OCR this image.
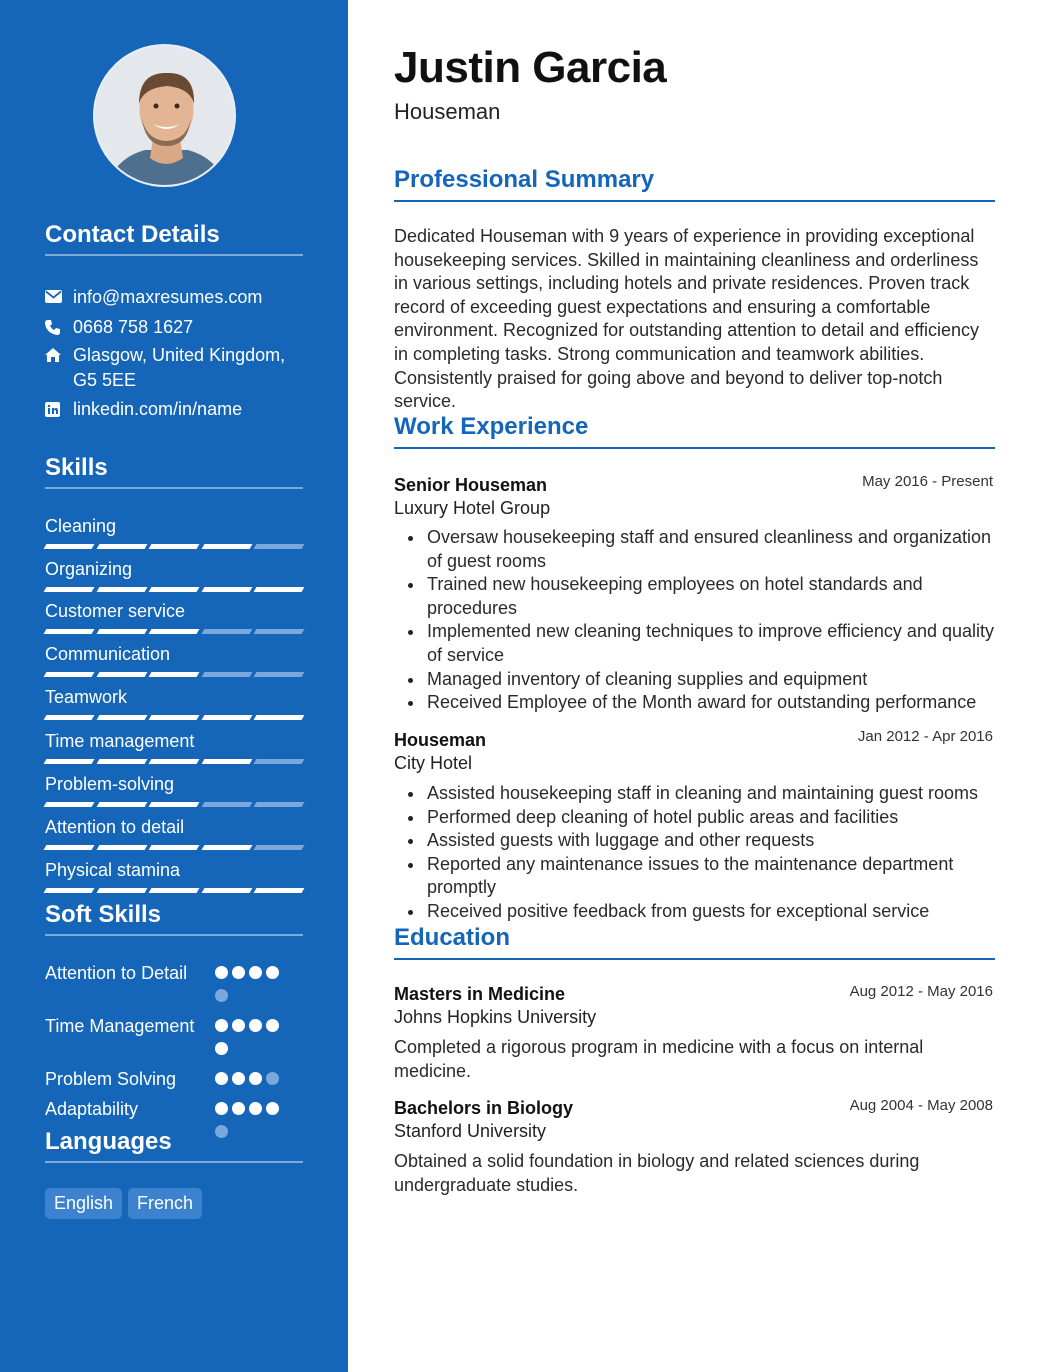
Contact Details
info@maxresumes.com
0668 758 1627
Glasgow, United Kingdom, G5 5EE
linkedin.com/in/name
Skills
Cleaning
Organizing
Customer service
Communication
Teamwork
Time management
Problem-solving
Attention to detail
Physical stamina
Soft Skills
Attention to Detail
Time Management
Problem Solving
Adaptability
Languages
English	French
Justin Garcia
Houseman
Professional Summary
Dedicated Houseman with 9 years of experience in providing exceptional housekeeping services. Skilled in maintaining cleanliness and orderliness in various settings, including hotels and private residences. Proven track record of exceeding guest expectations and ensuring a comfortable environment. Recognized for outstanding attention to detail and efficiency in completing tasks. Strong communication and teamwork abilities. Consistently praised for going above and beyond to deliver top-notch service.
Work Experience
Senior Houseman	May 2016 - Present
Luxury Hotel Group
Oversaw housekeeping staff and ensured cleanliness and organization of guest rooms
Trained new housekeeping employees on hotel standards and procedures
Implemented new cleaning techniques to improve efficiency and quality of service
Managed inventory of cleaning supplies and equipment
Received Employee of the Month award for outstanding performance
Houseman	Jan 2012 - Apr 2016
City Hotel
Assisted housekeeping staff in cleaning and maintaining guest rooms
Performed deep cleaning of hotel public areas and facilities
Assisted guests with luggage and other requests
Reported any maintenance issues to the maintenance department promptly
Received positive feedback from guests for exceptional service
Education
Masters in Medicine	Aug 2012 - May 2016
Johns Hopkins University
Completed a rigorous program in medicine with a focus on internal medicine.
Bachelors in Biology	Aug 2004 - May 2008
Stanford University
Obtained a solid foundation in biology and related sciences during undergraduate studies.
